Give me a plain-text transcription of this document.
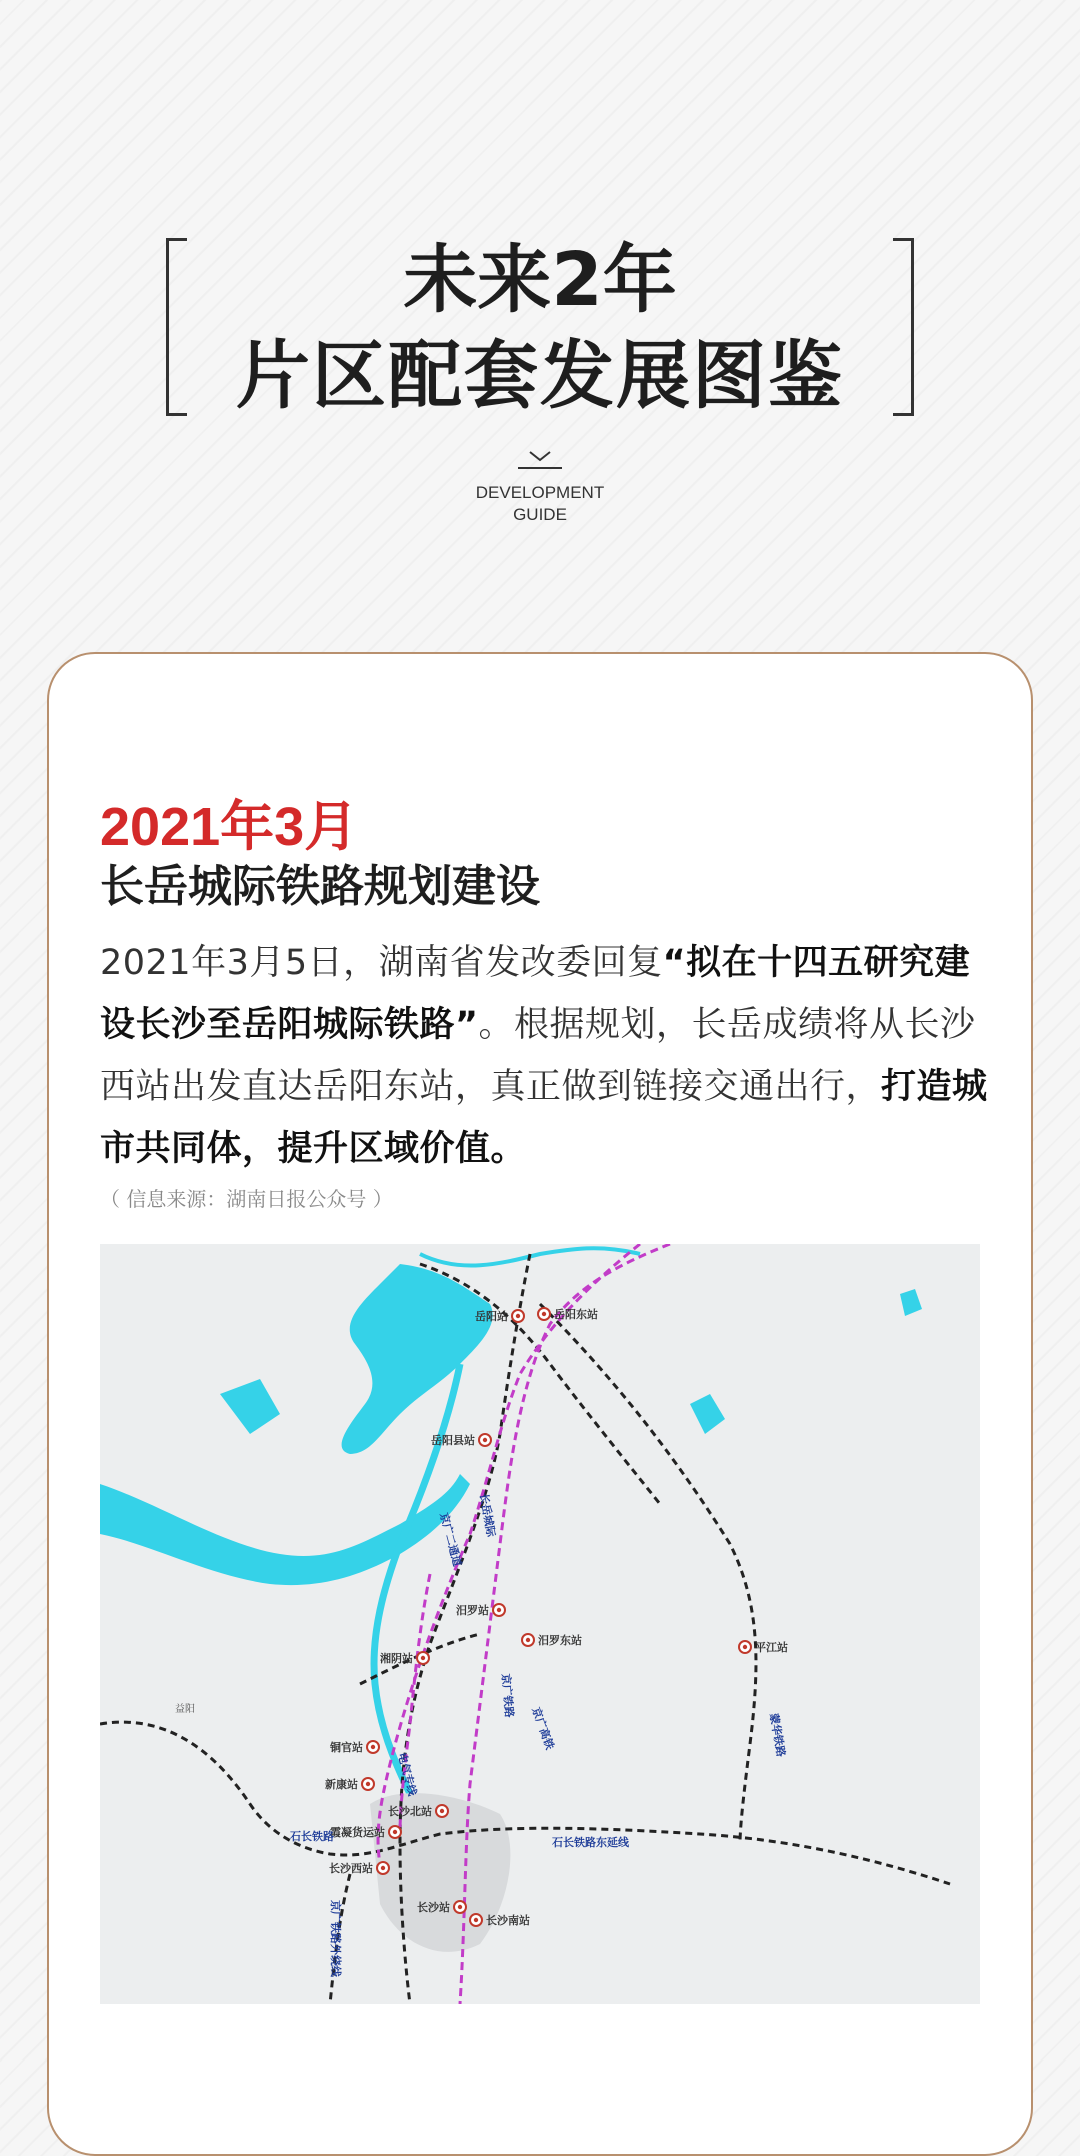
未来2年
片区配套发展图鉴
DEVELOPMENT
GUIDE
2021年3月
长岳城际铁路规划建设
2021年3月5日，湖南省发改委回复“拟在十四五研究建设长沙至岳阳城际铁路”。根据规划，长岳成绩将从长沙西站出发直达岳阳东站，真正做到链接交通出行，打造城市共同体，提升区域价值。
（ 信息来源：湖南日报公众号 ）
岳阳站	岳阳东站
岳阳县站
汨罗站
汨罗东站
平江站
湘阴站
铜官站
新康站
长沙北站
霞凝货运站
长沙西站
长沙站
长沙南站
长岳城际
京广二通道
京广铁路
京广高铁	蒙华铁路
石长铁路	石长铁路东延线
京广铁路外绕线
电气专线
益阳
